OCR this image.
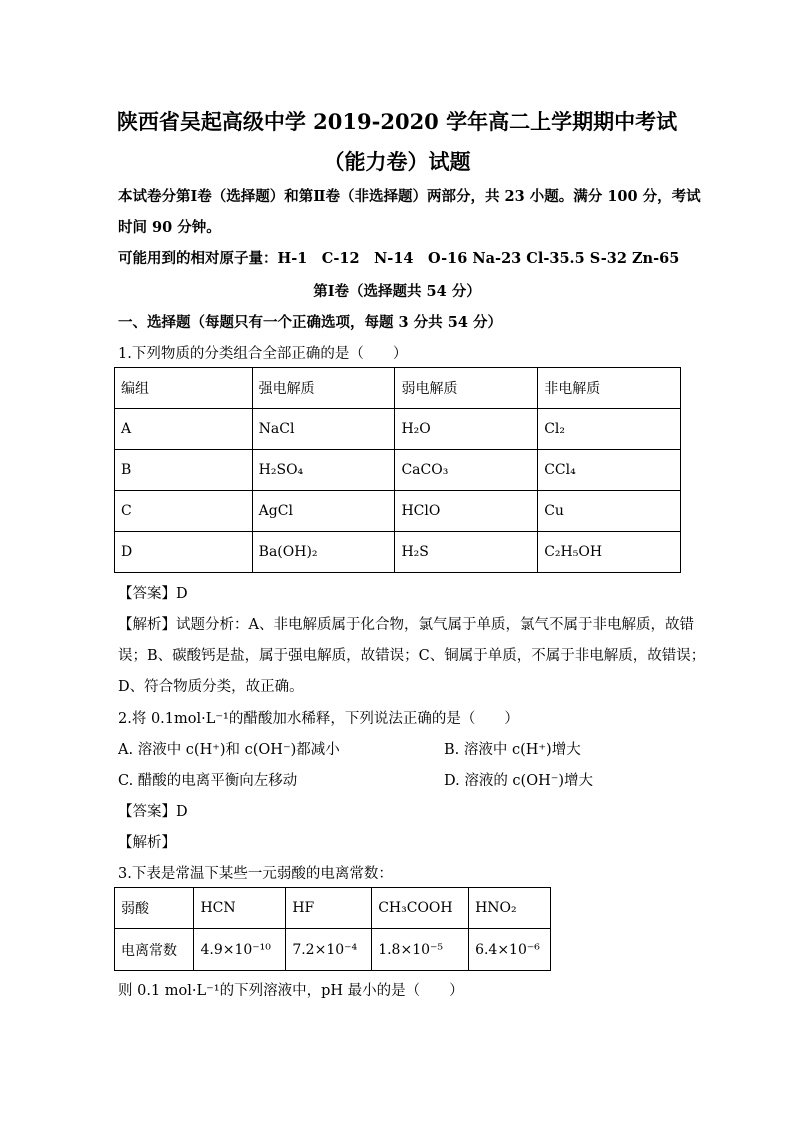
陕西省吴起高级中学 2019-2020 学年高二上学期期中考试
（能力卷）试题
本试卷分第Ⅰ卷（选择题）和第Ⅱ卷（非选择题）两部分，共 23 小题。满分 100 分，考试
时间 90 分钟。
可能用到的相对原子量：H-1　C-12　N-14　O-16 Na-23 Cl-35.5 S-32 Zn-65
第Ⅰ卷（选择题共 54 分）
一、选择题（每题只有一个正确选项，每题 3 分共 54 分）
1.下列物质的分类组合全部正确的是（　　）
编组	强电解质	弱电解质	非电解质
A	NaCl	H₂O	Cl₂
B	H₂SO₄	CaCO₃	CCl₄
C	AgCl	HClO	Cu
D	Ba(OH)₂	H₂S	C₂H₅OH
【答案】D
【解析】试题分析：A、非电解质属于化合物，氯气属于单质，氯气不属于非电解质，故错
误；B、碳酸钙是盐，属于强电解质，故错误；C、铜属于单质，不属于非电解质，故错误；
D、符合物质分类，故正确。
2.将 0.1mol·L⁻¹的醋酸加水稀释，下列说法正确的是（　　）
A. 溶液中 c(H⁺)和 c(OH⁻)都减小	B. 溶液中 c(H⁺)增大
C. 醋酸的电离平衡向左移动	D. 溶液的 c(OH⁻)增大
【答案】D
【解析】
3.下表是常温下某些一元弱酸的电离常数：
弱酸	HCN	HF	CH₃COOH	HNO₂
电离常数	4.9×10⁻¹⁰	7.2×10⁻⁴	1.8×10⁻⁵	6.4×10⁻⁶
则 0.1 mol·L⁻¹的下列溶液中，pH 最小的是（　　）
